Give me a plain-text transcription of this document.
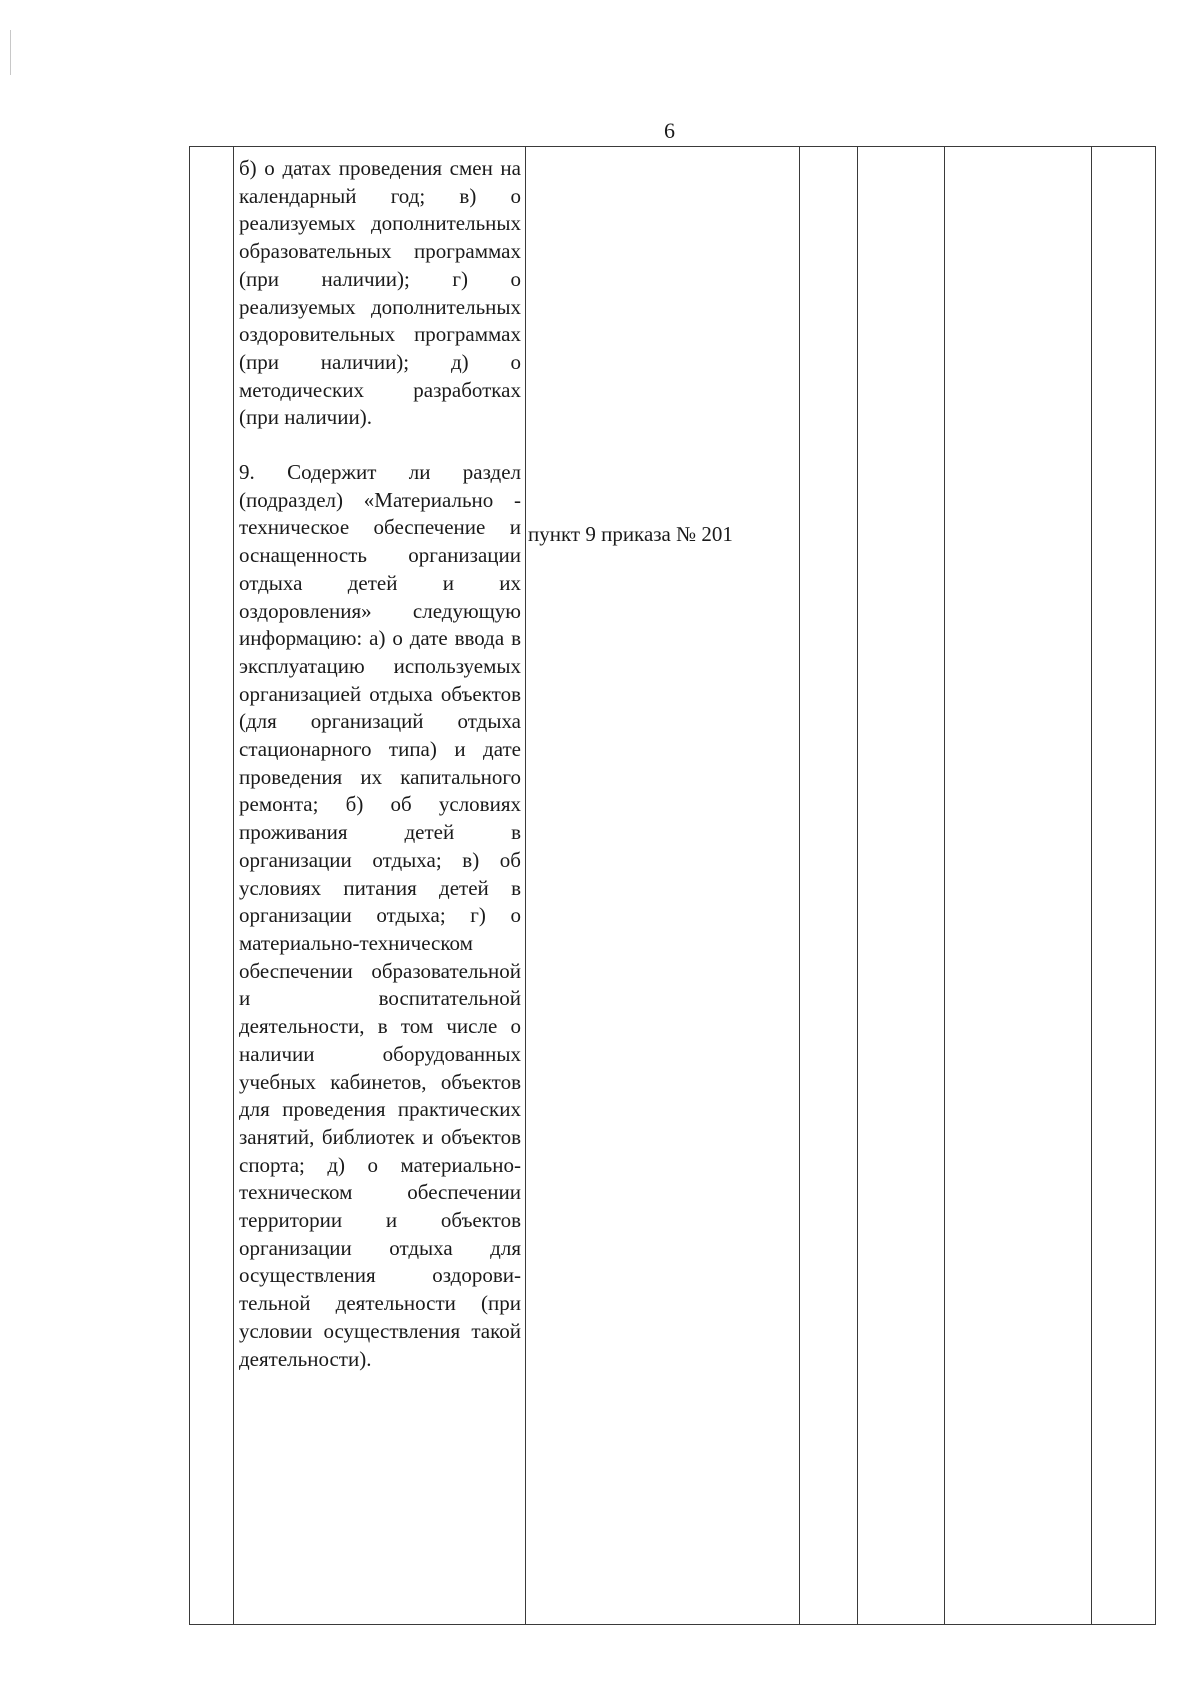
6

б) о датах проведения смен на календарный год; в) о реализуемых дополнительных образовательных программах (при наличии); г) о реализуемых дополнительных оздоровительных программах (при наличии); д) о методических разработках (при наличии).

9. Содержит ли раздел (подраздел) «Материально - техническое обеспечение и оснащенность организации отдыха детей и их оздоровления» следующую информацию: а) о дате ввода в эксплуатацию используемых организацией отдыха объектов (для организаций отдыха стационарного типа) и дате проведения их капитального ремонта; б) об условиях проживания детей в организации отдыха; в) об условиях питания детей в организации отдыха; г) о материально-техническом обеспечении образовательной и воспитательной деятельности, в том числе о наличии оборудованных учебных кабинетов, объектов для проведения практических занятий, библиотек и объектов спорта; д) о материально-техническом обеспечении территории и объектов организации отдыха для осуществления оздоровительной деятельности (при условии осуществления такой деятельности).

пункт 9 приказа № 201
